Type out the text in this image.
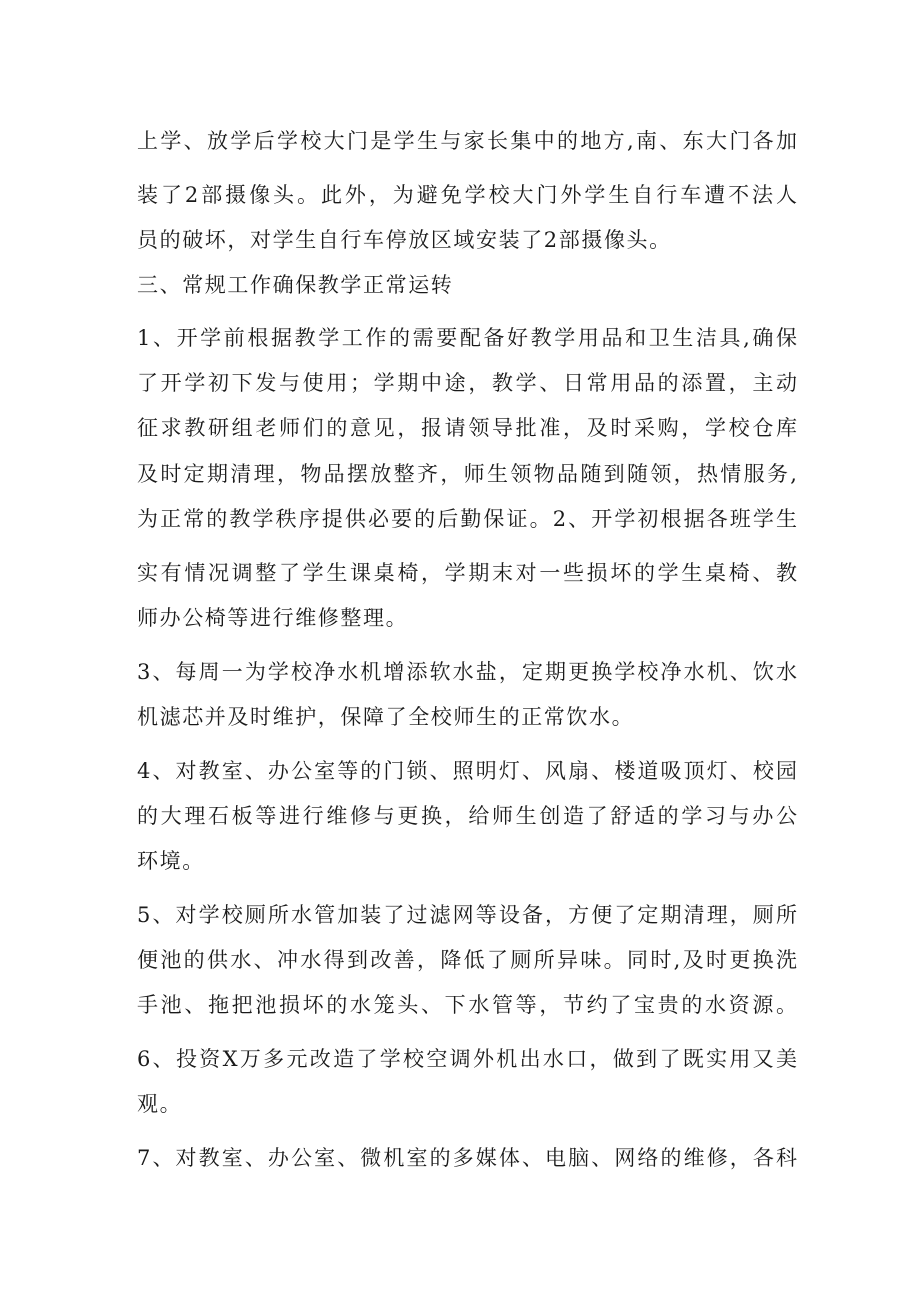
上学、放学后学校大门是学生与家长集中的地方,南、东大门各加
装了2部摄像头。此外，为避免学校大门外学生自行车遭不法人
员的破坏，对学生自行车停放区域安装了2部摄像头。
三、常规工作确保教学正常运转
1、开学前根据教学工作的需要配备好教学用品和卫生洁具,确保
了开学初下发与使用；学期中途，教学、日常用品的添置，主动
征求教研组老师们的意见，报请领导批准，及时采购，学校仓库
及时定期清理，物品摆放整齐，师生领物品随到随领，热情服务,
为正常的教学秩序提供必要的后勤保证。2、开学初根据各班学生
实有情况调整了学生课桌椅，学期末对一些损坏的学生桌椅、教
师办公椅等进行维修整理。
3、每周一为学校净水机增添软水盐，定期更换学校净水机、饮水
机滤芯并及时维护，保障了全校师生的正常饮水。
4、对教室、办公室等的门锁、照明灯、风扇、楼道吸顶灯、校园
的大理石板等进行维修与更换，给师生创造了舒适的学习与办公
环境。
5、对学校厕所水管加装了过滤网等设备，方便了定期清理，厕所
便池的供水、冲水得到改善，降低了厕所异味。同时,及时更换洗
手池、拖把池损坏的水笼头、下水管等，节约了宝贵的水资源。
6、投资X万多元改造了学校空调外机出水口，做到了既实用又美
观。
7、对教室、办公室、微机室的多媒体、电脑、网络的维修，各科
